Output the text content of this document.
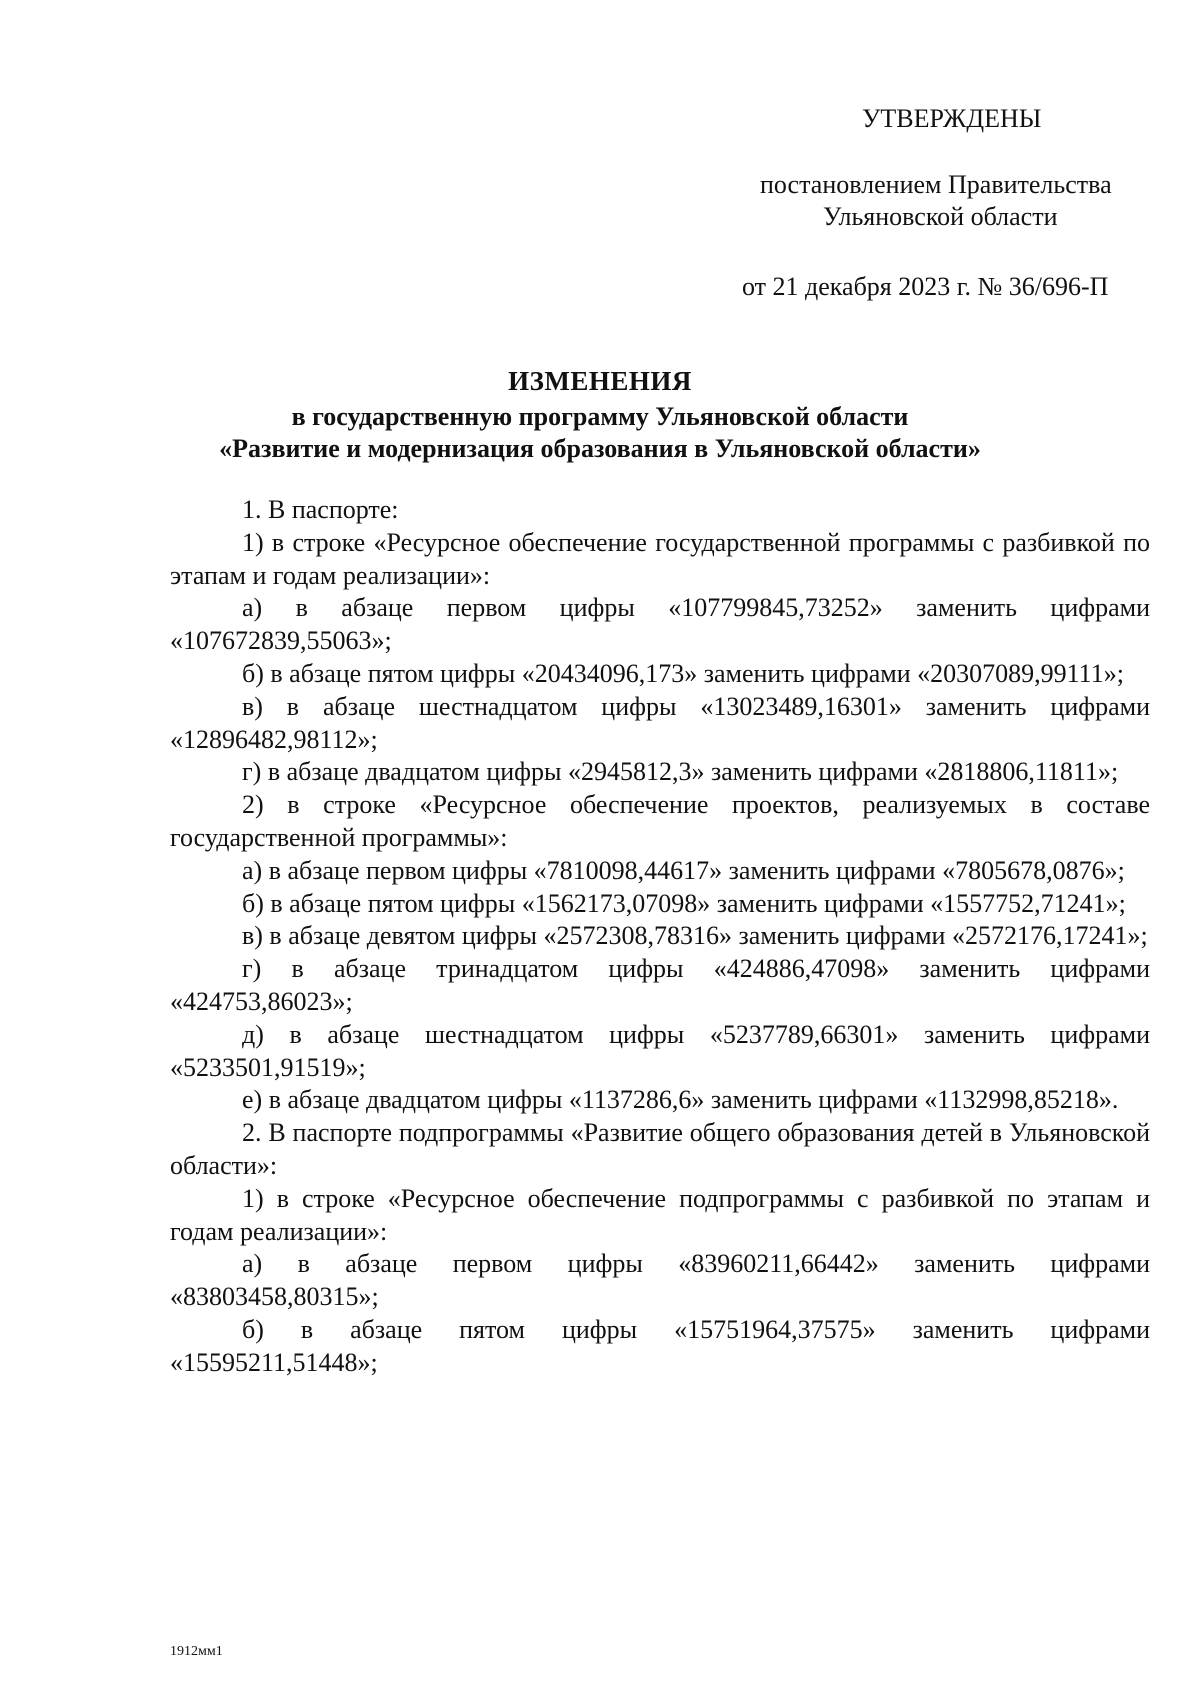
УТВЕРЖДЕНЫ
постановлением Правительства
Ульяновской области
от 21 декабря 2023 г. № 36/696-П
ИЗМЕНЕНИЯ
в государственную программу Ульяновской области
«Развитие и модернизация образования в Ульяновской области»

1. В паспорте:

1) в строке «Ресурсное обеспечение государственной программы с разбивкой по этапам и годам реализации»:

а) в абзаце первом цифры «107799845,73252» заменить цифрами «107672839,55063»;

б) в абзаце пятом цифры «20434096,173» заменить цифрами «20307089,99111»;

в) в абзаце шестнадцатом цифры «13023489,16301» заменить цифрами «12896482,98112»;

г) в абзаце двадцатом цифры «2945812,3» заменить цифрами «2818806,11811»;

2) в строке «Ресурсное обеспечение проектов, реализуемых в составе государственной программы»:

а) в абзаце первом цифры «7810098,44617» заменить цифрами «7805678,0876»;

б) в абзаце пятом цифры «1562173,07098» заменить цифрами «1557752,71241»;

в) в абзаце девятом цифры «2572308,78316» заменить цифрами «2572176,17241»;

г) в абзаце тринадцатом цифры «424886,47098» заменить цифрами «424753,86023»;

д) в абзаце шестнадцатом цифры «5237789,66301» заменить цифрами «5233501,91519»;

е) в абзаце двадцатом цифры «1137286,6» заменить цифрами «1132998,85218».

2. В паспорте подпрограммы «Развитие общего образования детей в Ульяновской области»:

1) в строке «Ресурсное обеспечение подпрограммы с разбивкой по этапам и годам реализации»:

а) в абзаце первом цифры «83960211,66442» заменить цифрами «83803458,80315»;

б) в абзаце пятом цифры «15751964,37575» заменить цифрами «15595211,51448»;

1912мм1
